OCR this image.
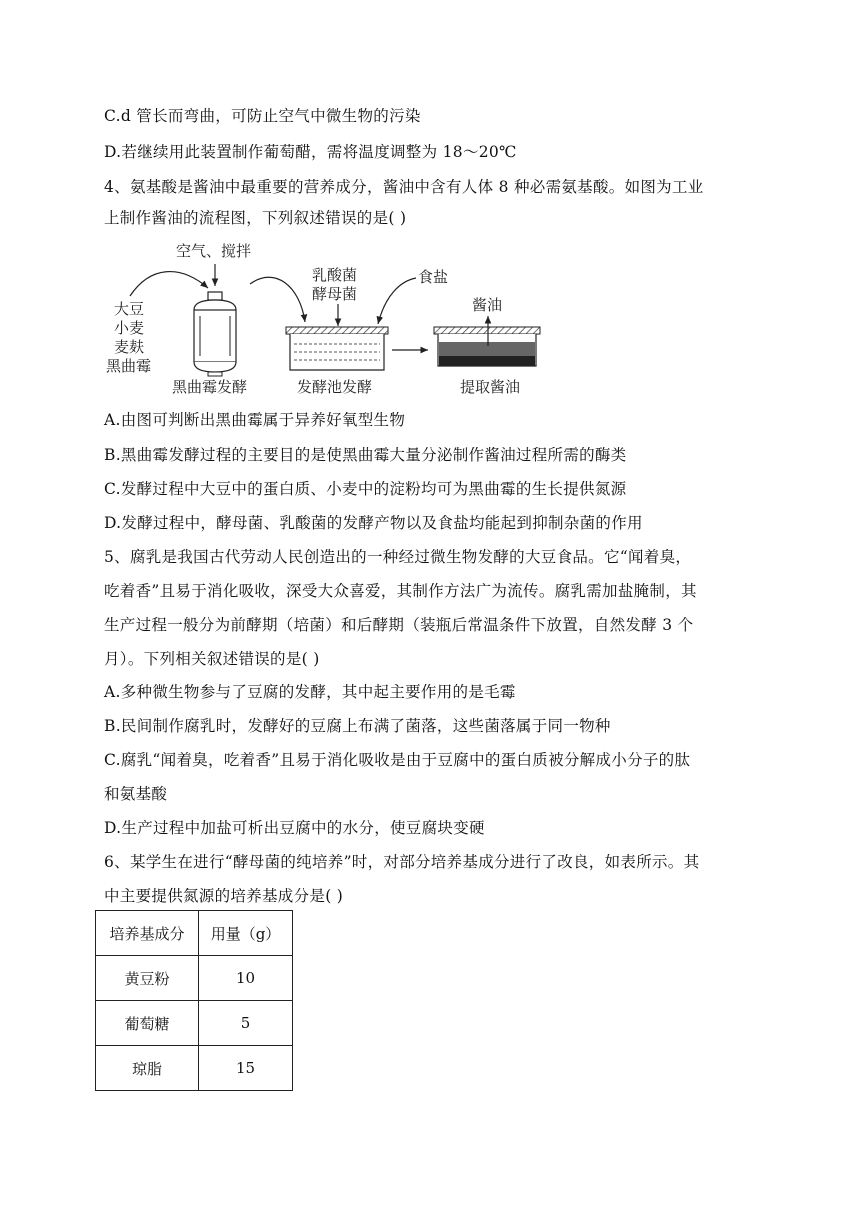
C.d 管长而弯曲，可防止空气中微生物的污染
D.若继续用此装置制作葡萄醋，需将温度调整为 18～20℃
4、氨基酸是酱油中最重要的营养成分，酱油中含有人体 8 种必需氨基酸。如图为工业
上制作酱油的流程图，下列叙述错误的是( )
空气、搅拌
乳酸菌
酵母菌
食盐
酱油
大豆
小麦
麦麸
黑曲霉
黑曲霉发酵	发酵池发酵	提取酱油
A.由图可判断出黑曲霉属于异养好氧型生物
B.黑曲霉发酵过程的主要目的是使黑曲霉大量分泌制作酱油过程所需的酶类
C.发酵过程中大豆中的蛋白质、小麦中的淀粉均可为黑曲霉的生长提供氮源
D.发酵过程中，酵母菌、乳酸菌的发酵产物以及食盐均能起到抑制杂菌的作用
5、腐乳是我国古代劳动人民创造出的一种经过微生物发酵的大豆食品。它“闻着臭，
吃着香”且易于消化吸收，深受大众喜爱，其制作方法广为流传。腐乳需加盐腌制，其
生产过程一般分为前酵期（培菌）和后酵期（装瓶后常温条件下放置，自然发酵 3 个
月）。下列相关叙述错误的是( )
A.多种微生物参与了豆腐的发酵，其中起主要作用的是毛霉
B.民间制作腐乳时，发酵好的豆腐上布满了菌落，这些菌落属于同一物种
C.腐乳“闻着臭，吃着香”且易于消化吸收是由于豆腐中的蛋白质被分解成小分子的肽
和氨基酸
D.生产过程中加盐可析出豆腐中的水分，使豆腐块变硬
6、某学生在进行“酵母菌的纯培养”时，对部分培养基成分进行了改良，如表所示。其
中主要提供氮源的培养基成分是( )
培养基成分	用量（g）
黄豆粉	10
葡萄糖	5
琼脂	15
